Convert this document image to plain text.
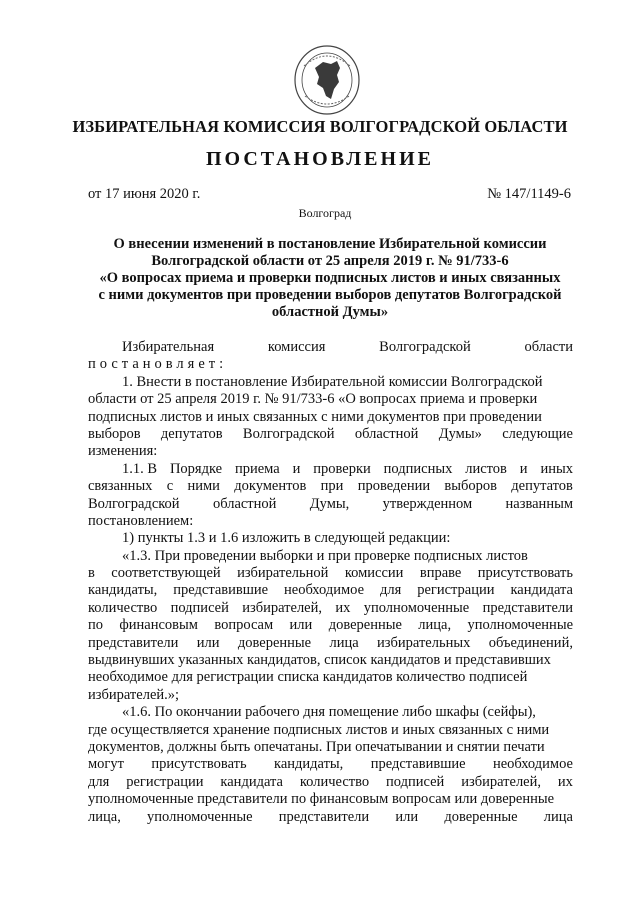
ИЗБИРАТЕЛЬНАЯ КОМИССИЯ ВОЛГОГРАДСКОЙ ОБЛАСТИ
ПОСТАНОВЛЕНИЕ
от 17 июня 2020 г.	№ 147/1149-6
Волгоград
О внесении изменений в постановление Избирательной комиссии
Волгоградской области от 25 апреля 2019 г. № 91/733-6
«О вопросах приема и проверки подписных листов и иных связанных
с ними документов при проведении выборов депутатов Волгоградской
областной Думы»
Избирательная	комиссия	Волгоградской	области
постановляет:
1. Внести в постановление Избирательной комиссии Волгоградской
области от 25 апреля 2019 г. № 91/733-6 «О вопросах приема и проверки
подписных листов и иных связанных с ними документов при проведении
выборов депутатов Волгоградской областной Думы» следующие
изменения:
1.1. В Порядке приема и проверки подписных листов и иных
связанных с ними документов при проведении выборов депутатов
Волгоградской областной Думы, утвержденном названным
постановлением:
1) пункты 1.3 и 1.6 изложить в следующей редакции:
«1.3. При проведении выборки и при проверке подписных листов
в соответствующей избирательной комиссии вправе присутствовать
кандидаты, представившие необходимое для регистрации кандидата
количество подписей избирателей, их уполномоченные представители
по финансовым вопросам или доверенные лица, уполномоченные
представители или доверенные лица избирательных объединений,
выдвинувших указанных кандидатов, список кандидатов и представивших
необходимое для регистрации списка кандидатов количество подписей
избирателей.»;
«1.6. По окончании рабочего дня помещение либо шкафы (сейфы),
где осуществляется хранение подписных листов и иных связанных с ними
документов, должны быть опечатаны. При опечатывании и снятии печати
могут присутствовать кандидаты, представившие необходимое
для регистрации кандидата количество подписей избирателей, их
уполномоченные представители по финансовым вопросам или доверенные
лица, уполномоченные представители или доверенные лица
